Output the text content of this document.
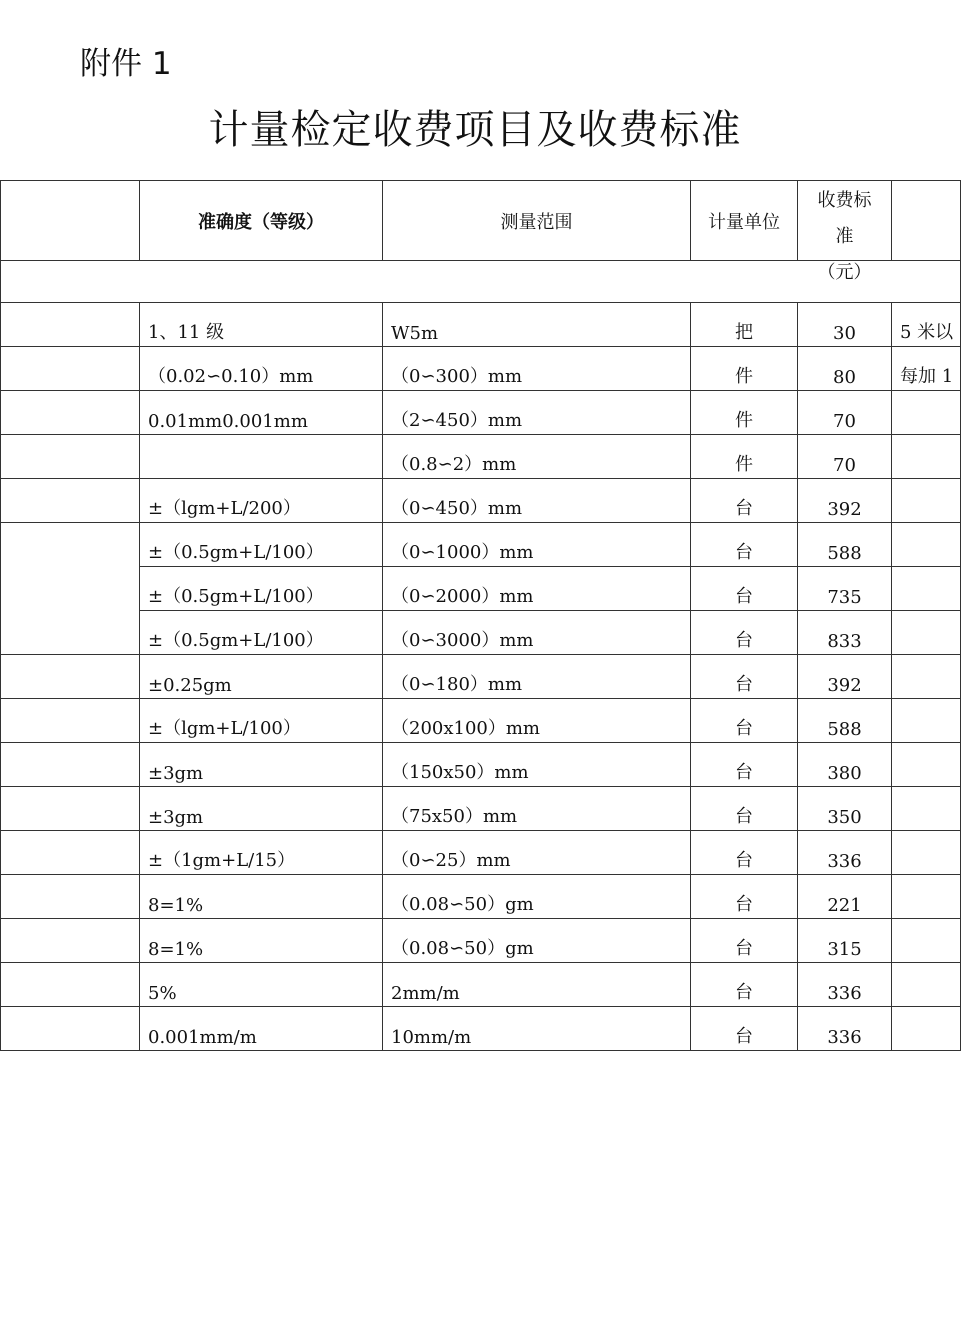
附件 1
计量检定收费项目及收费标准
	准确度（等级）	测量范围	计量单位	收费标
准
（元）	

	1、11 级	W5m	把	30	5 米以
	（0.02∽0.10）mm	（0∽300）mm	件	80	每加 1
	0.01mm0.001mm	（2∽450）mm	件	70	
		（0.8∽2）mm	件	70	
	±（lgm+L/200）	（0∽450）mm	台	392	
	±（0.5gm+L/100）	（0∽1000）mm	台	588	
	±（0.5gm+L/100）	（0∽2000）mm	台	735	
	±（0.5gm+L/100）	（0∽3000）mm	台	833	
	±0.25gm	（0∽180）mm	台	392	
	±（lgm+L/100）	（200x100）mm	台	588	
	±3gm	（150x50）mm	台	380	
	±3gm	（75x50）mm	台	350	
	±（1gm+L/15）	（0∽25）mm	台	336	
	8=1%	（0.08∽50）gm	台	221	
	8=1%	（0.08∽50）gm	台	315	
	5%	2mm/m	台	336	
	0.001mm/m	10mm/m	台	336	
